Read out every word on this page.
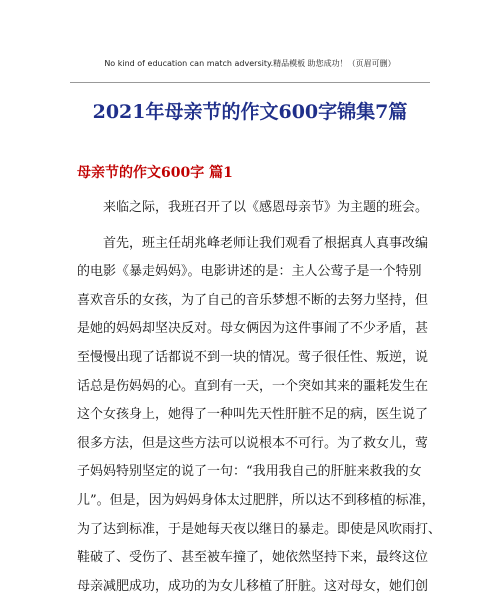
No kind of education can match adversity.精品模板 助您成功！（页眉可删）
2021年母亲节的作文600字锦集7篇
母亲节的作文600字 篇1

来临之际，我班召开了以《感恩母亲节》为主题的班会。

首先，班主任胡兆峰老师让我们观看了根据真人真事改编
的电影《暴走妈妈》。电影讲述的是：主人公莺子是一个特别
喜欢音乐的女孩，为了自己的音乐梦想不断的去努力坚持，但
是她的妈妈却坚决反对。母女俩因为这件事闹了不少矛盾，甚
至慢慢出现了话都说不到一块的情况。莺子很任性、叛逆，说
话总是伤妈妈的心。直到有一天，一个突如其来的噩耗发生在
这个女孩身上，她得了一种叫先天性肝脏不足的病，医生说了
很多方法，但是这些方法可以说根本不可行。为了救女儿，莺
子妈妈特别坚定的说了一句：“我用我自己的肝脏来救我的女
儿”。但是，因为妈妈身体太过肥胖，所以达不到移植的标准，
为了达到标准，于是她每天夜以继日的暴走。即使是风吹雨打、
鞋破了、受伤了、甚至被车撞了，她依然坚持下来，最终这位
母亲减肥成功，成功的为女儿移植了肝脏。这对母女，她们创
